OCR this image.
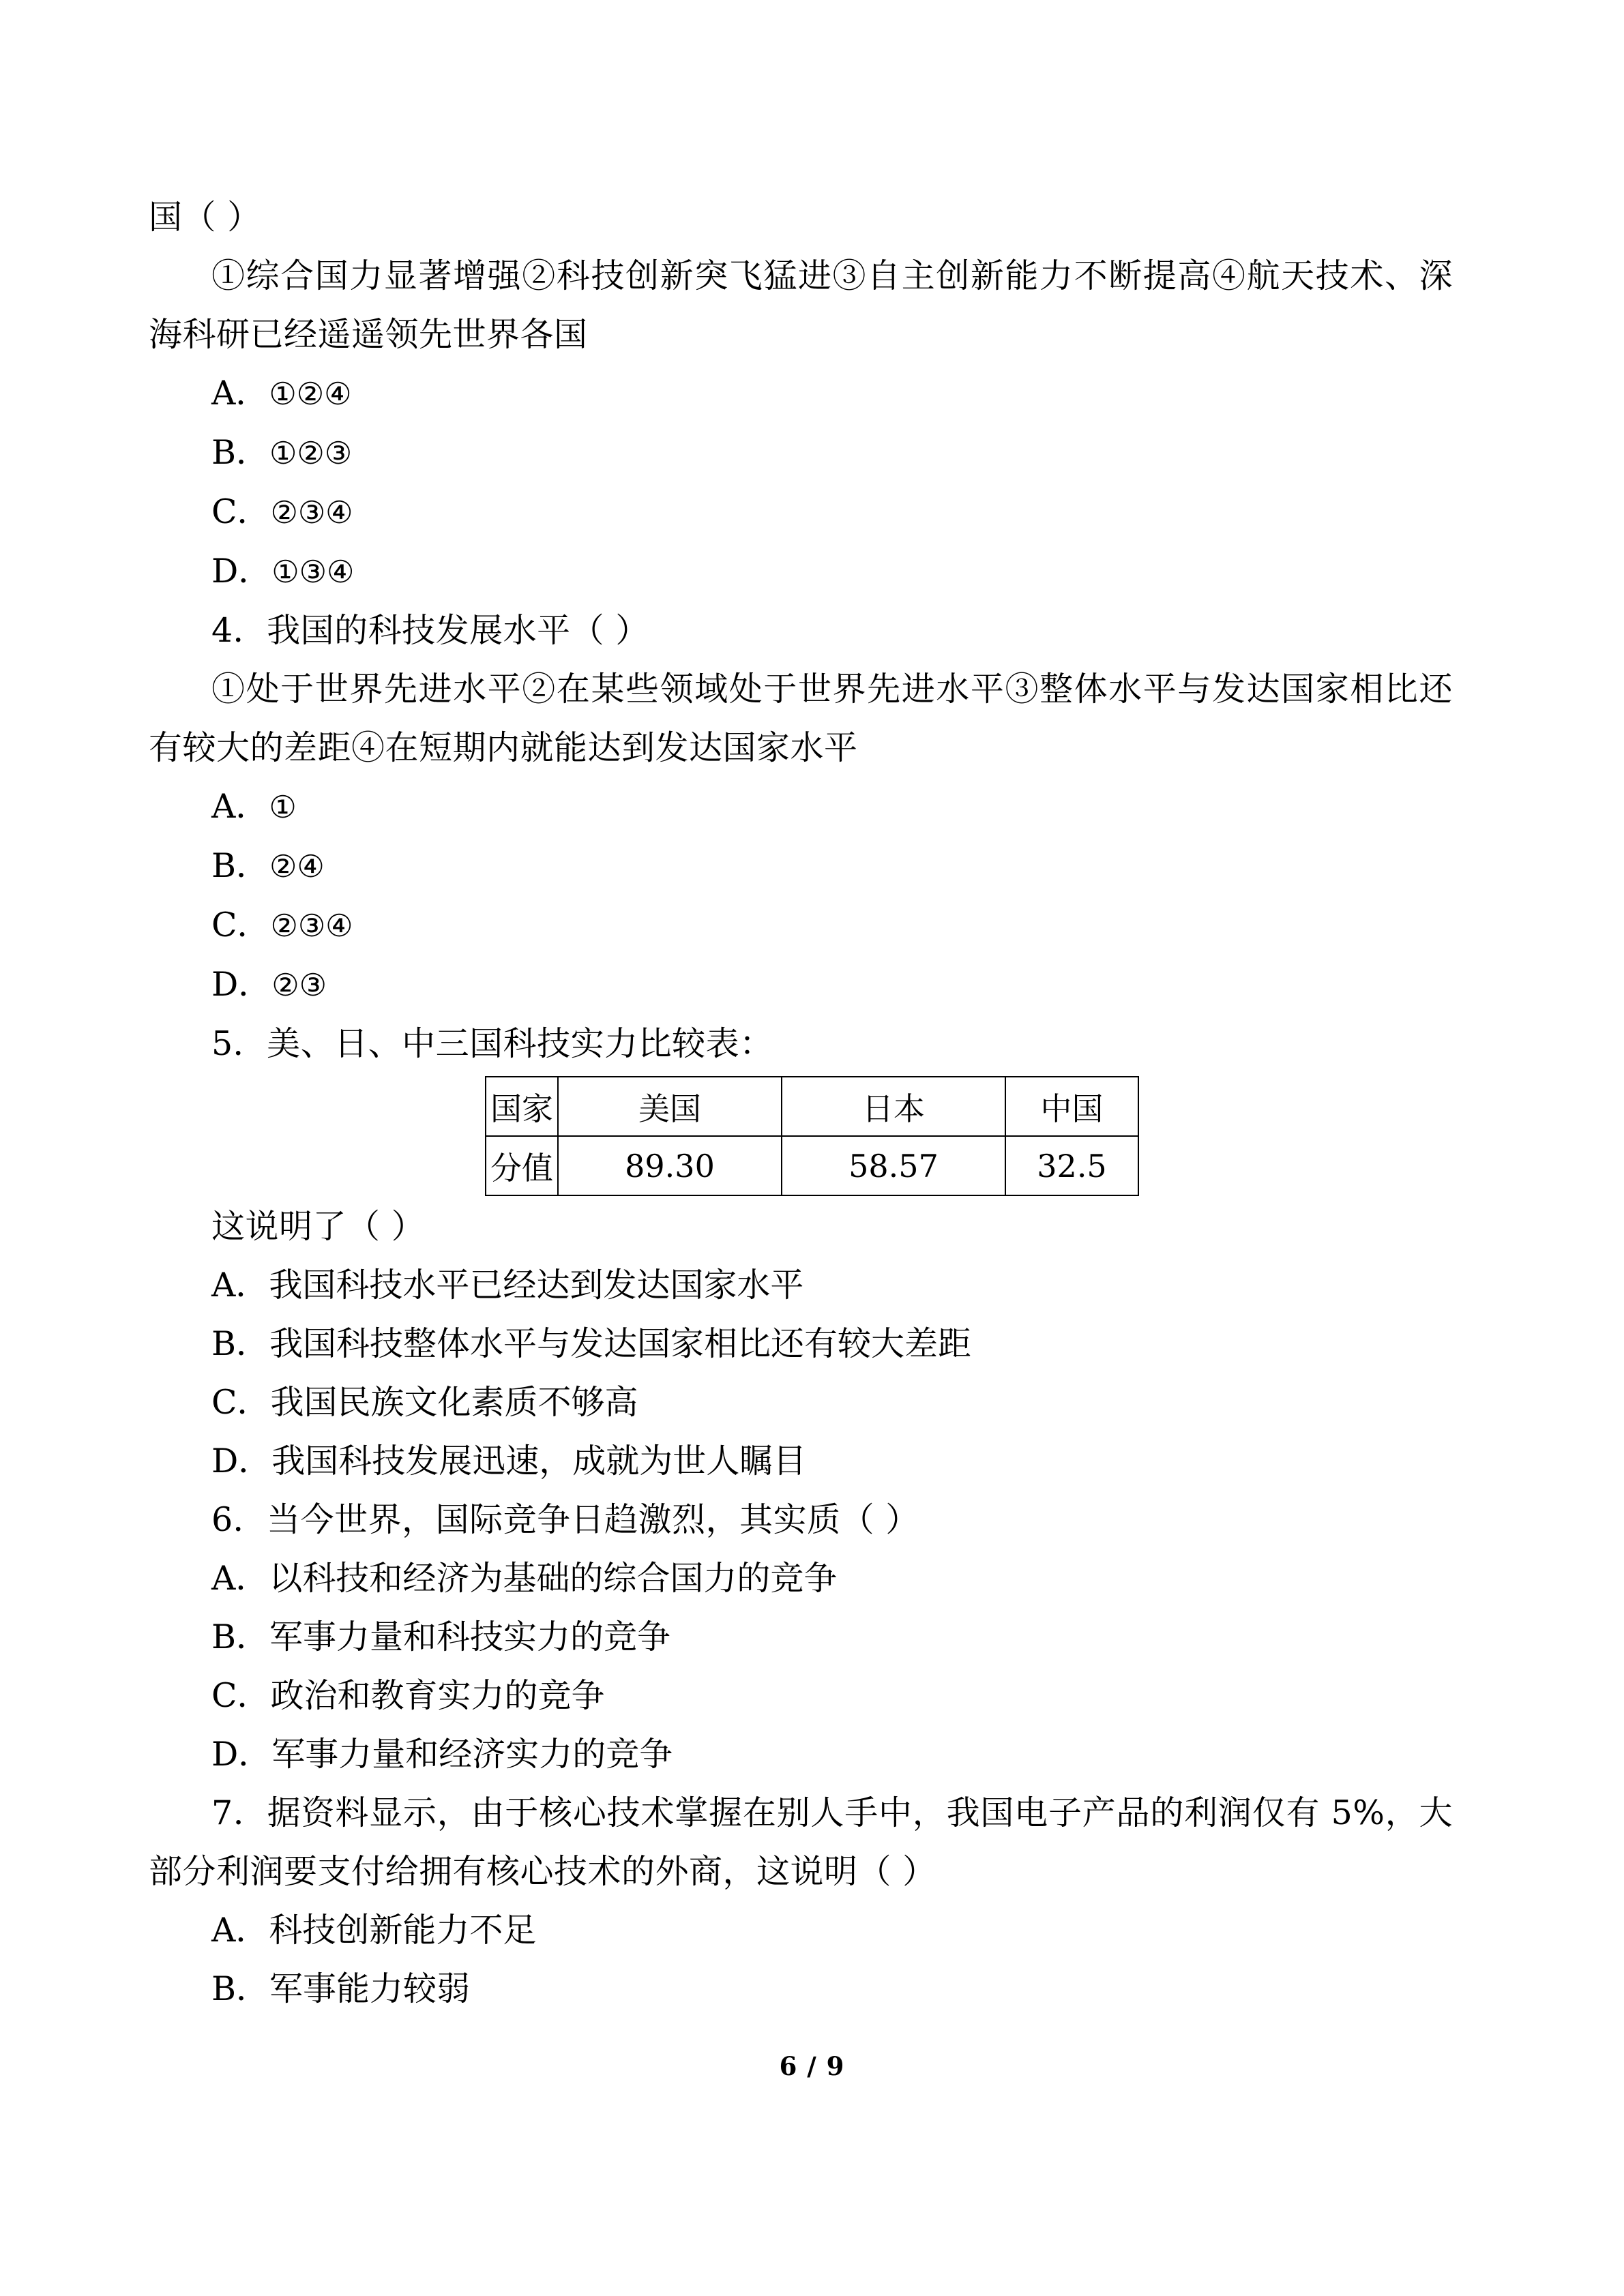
国（ ）

①综合国力显著增强②科技创新突飞猛进③自主创新能力不断提高④航天技术、深海科研已经遥遥领先世界各国

A．①②④

B．①②③

C．②③④

D．①③④

4．我国的科技发展水平（ ）

①处于世界先进水平②在某些领域处于世界先进水平③整体水平与发达国家相比还有较大的差距④在短期内就能达到发达国家水平

A．①

B．②④

C．②③④

D．②③

5．美、日、中三国科技实力比较表：

国家	美国	日本	中国
分值	89.30	58.57	32.5

这说明了（ ）

A．我国科技水平已经达到发达国家水平

B．我国科技整体水平与发达国家相比还有较大差距

C．我国民族文化素质不够高

D．我国科技发展迅速，成就为世人瞩目

6．当今世界，国际竞争日趋激烈，其实质（ ）

A．以科技和经济为基础的综合国力的竞争

B．军事力量和科技实力的竞争

C．政治和教育实力的竞争

D．军事力量和经济实力的竞争

7．据资料显示，由于核心技术掌握在别人手中，我国电子产品的利润仅有 5%，大部分利润要支付给拥有核心技术的外商，这说明（ ）

A．科技创新能力不足

B．军事能力较弱

6 / 9
